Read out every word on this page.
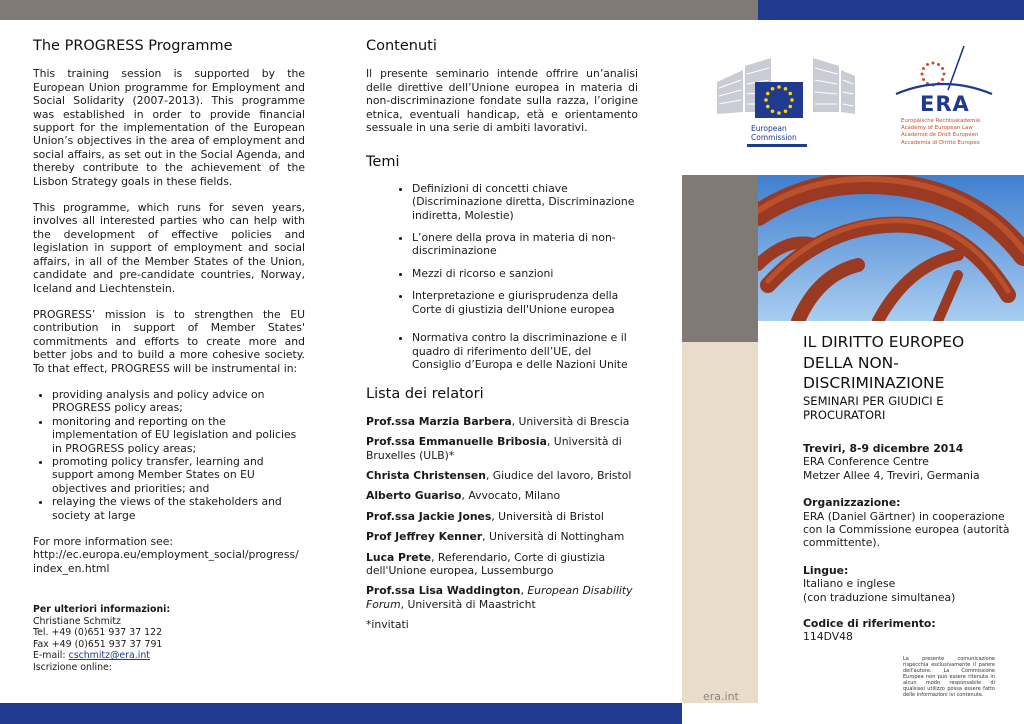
The PROGRESS Programme

This training session is supported by the European Union programme for Employment and Social Solidarity (2007-2013). This programme was established in order to provide financial support for the implementation of the European Union’s objectives in the area of employment and social affairs, as set out in the Social Agenda, and thereby contribute to the achievement of the Lisbon Strategy goals in these fields.

This programme, which runs for seven years, involves all interested parties who can help with the development of effective policies and legislation in support of employment and social affairs, in all of the Member States of the Union, candidate and pre-candidate countries, Norway, Iceland and Liechtenstein.

PROGRESS’ mission is to strengthen the EU contribution in support of Member States' commitments and efforts to create more and better jobs and to build a more cohesive society. To that effect, PROGRESS will be instrumental in:

• providing analysis and policy advice on PROGRESS policy areas;
• monitoring and reporting on the implementation of EU legislation and policies in PROGRESS policy areas;
• promoting policy transfer, learning and support among Member States on EU objectives and priorities; and
• relaying the views of the stakeholders and society at large
For more information see:
http://ec.europa.eu/employment_social/progress/
index_en.html
Per ulteriori informazioni:
Christiane Schmitz
Tel. +49 (0)651 937 37 122
Fax +49 (0)651 937 37 791
E-mail: cschmitz@era.int
Iscrizione online:
Contenuti

Il presente seminario intende offrire un’analisi delle direttive dell’Unione europea in materia di non-discriminazione fondate sulla razza, l’origine etnica, eventuali handicap, età e orientamento sessuale in una serie di ambiti lavorativi.

Temi
• Definizioni di concetti chiave (Discriminazione diretta, Discriminazione indiretta, Molestie)
• L’onere della prova in materia di non-discriminazione
• Mezzi di ricorso e sanzioni
• Interpretazione e giurisprudenza della Corte di giustizia dell'Unione europea
• Normativa contro la discriminazione e il quadro di riferimento dell’UE, del Consiglio d’Europa e delle Nazioni Unite
Lista dei relatori
Prof.ssa Marzia Barbera, Università di Brescia
Prof.ssa Emmanuelle Bribosia, Università di Bruxelles (ULB)*
Christa Christensen, Giudice del lavoro, Bristol
Alberto Guariso, Avvocato, Milano
Prof.ssa Jackie Jones, Università di Bristol
Prof Jeffrey Kenner, Università di Nottingham
Luca Prete, Referendario, Corte di giustizia dell'Unione europea, Lussemburgo
Prof.ssa Lisa Waddington, European Disability Forum, Università di Maastricht
*invitati
European
Commission
ERA
Europäische Rechtsakademie
Academy of European Law
Académie de Droit Européen
Accademia di Diritto Europeo
IL DIRITTO EUROPEO
DELLA NON-
DISCRIMINAZIONE
SEMINARI PER GIUDICI E
PROCURATORI
Treviri, 8-9 dicembre 2014
ERA Conference Centre
Metzer Allee 4, Treviri, Germania
Organizzazione:
ERA (Daniel Gärtner) in cooperazione con la Commissione europea (autorità committente).
Lingue:
Italiano e inglese
(con traduzione simultanea)
Codice di riferimento:
114DV48
La presente comunicazione rispecchia esclusivamente il parere dell’autore. La Commissione Europea non può essere ritenuta in alcun modo responsabile di qualsiasi utilizzo possa essere fatto delle informazioni ivi contenute.
era.int
